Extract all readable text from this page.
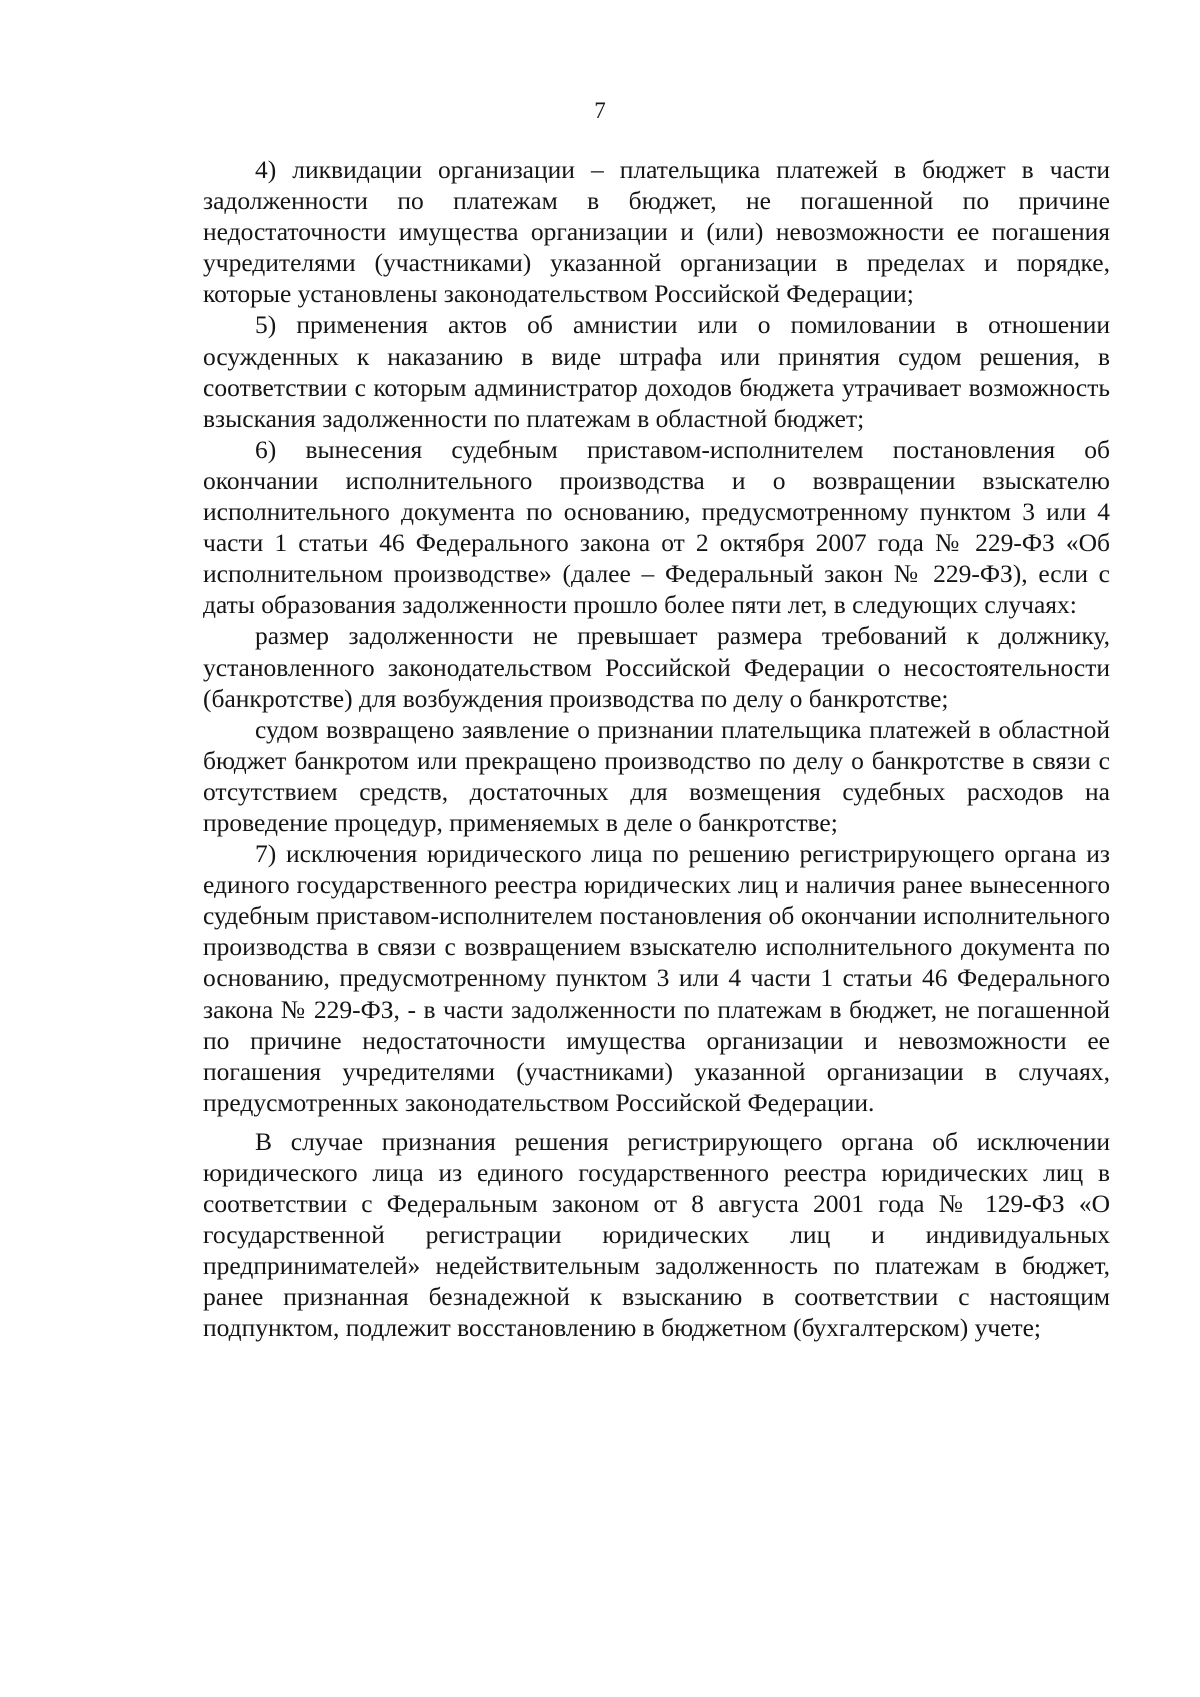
7

4) ликвидации организации – плательщика платежей в бюджет в части задолженности по платежам в бюджет, не погашенной по причине недостаточности имущества организации и (или) невозможности ее погашения учредителями (участниками) указанной организации в пределах и порядке, которые установлены законодательством Российской Федерации;

5) применения актов об амнистии или о помиловании в отношении осужденных к наказанию в виде штрафа или принятия судом решения, в соответствии с которым администратор доходов бюджета утрачивает возможность взыскания задолженности по платежам в областной бюджет;

6) вынесения судебным приставом-исполнителем постановления об окончании исполнительного производства и о возвращении взыскателю исполнительного документа по основанию, предусмотренному пунктом 3 или 4 части 1 статьи 46 Федерального закона от 2 октября 2007 года № 229-ФЗ «Об исполнительном производстве» (далее – Федеральный закон № 229-ФЗ), если с даты образования задолженности прошло более пяти лет, в следующих случаях:

размер задолженности не превышает размера требований к должнику, установленного законодательством Российской Федерации о несостоятельности (банкротстве) для возбуждения производства по делу о банкротстве;

судом возвращено заявление о признании плательщика платежей в областной бюджет банкротом или прекращено производство по делу о банкротстве в связи с отсутствием средств, достаточных для возмещения судебных расходов на проведение процедур, применяемых в деле о банкротстве;

7) исключения юридического лица по решению регистрирующего органа из единого государственного реестра юридических лиц и наличия ранее вынесенного судебным приставом-исполнителем постановления об окончании исполнительного производства в связи с возвращением взыскателю исполнительного документа по основанию, предусмотренному пунктом 3 или 4 части 1 статьи 46 Федерального закона № 229-ФЗ, - в части задолженности по платежам в бюджет, не погашенной по причине недостаточности имущества организации и невозможности ее погашения учредителями (участниками) указанной организации в случаях, предусмотренных законодательством Российской Федерации.

В случае признания решения регистрирующего органа об исключении юридического лица из единого государственного реестра юридических лиц в соответствии с Федеральным законом от 8 августа 2001 года № 129-ФЗ «О государственной регистрации юридических лиц и индивидуальных предпринимателей» недействительным задолженность по платежам в бюджет, ранее признанная безнадежной к взысканию в соответствии с настоящим подпунктом, подлежит восстановлению в бюджетном (бухгалтерском) учете;
